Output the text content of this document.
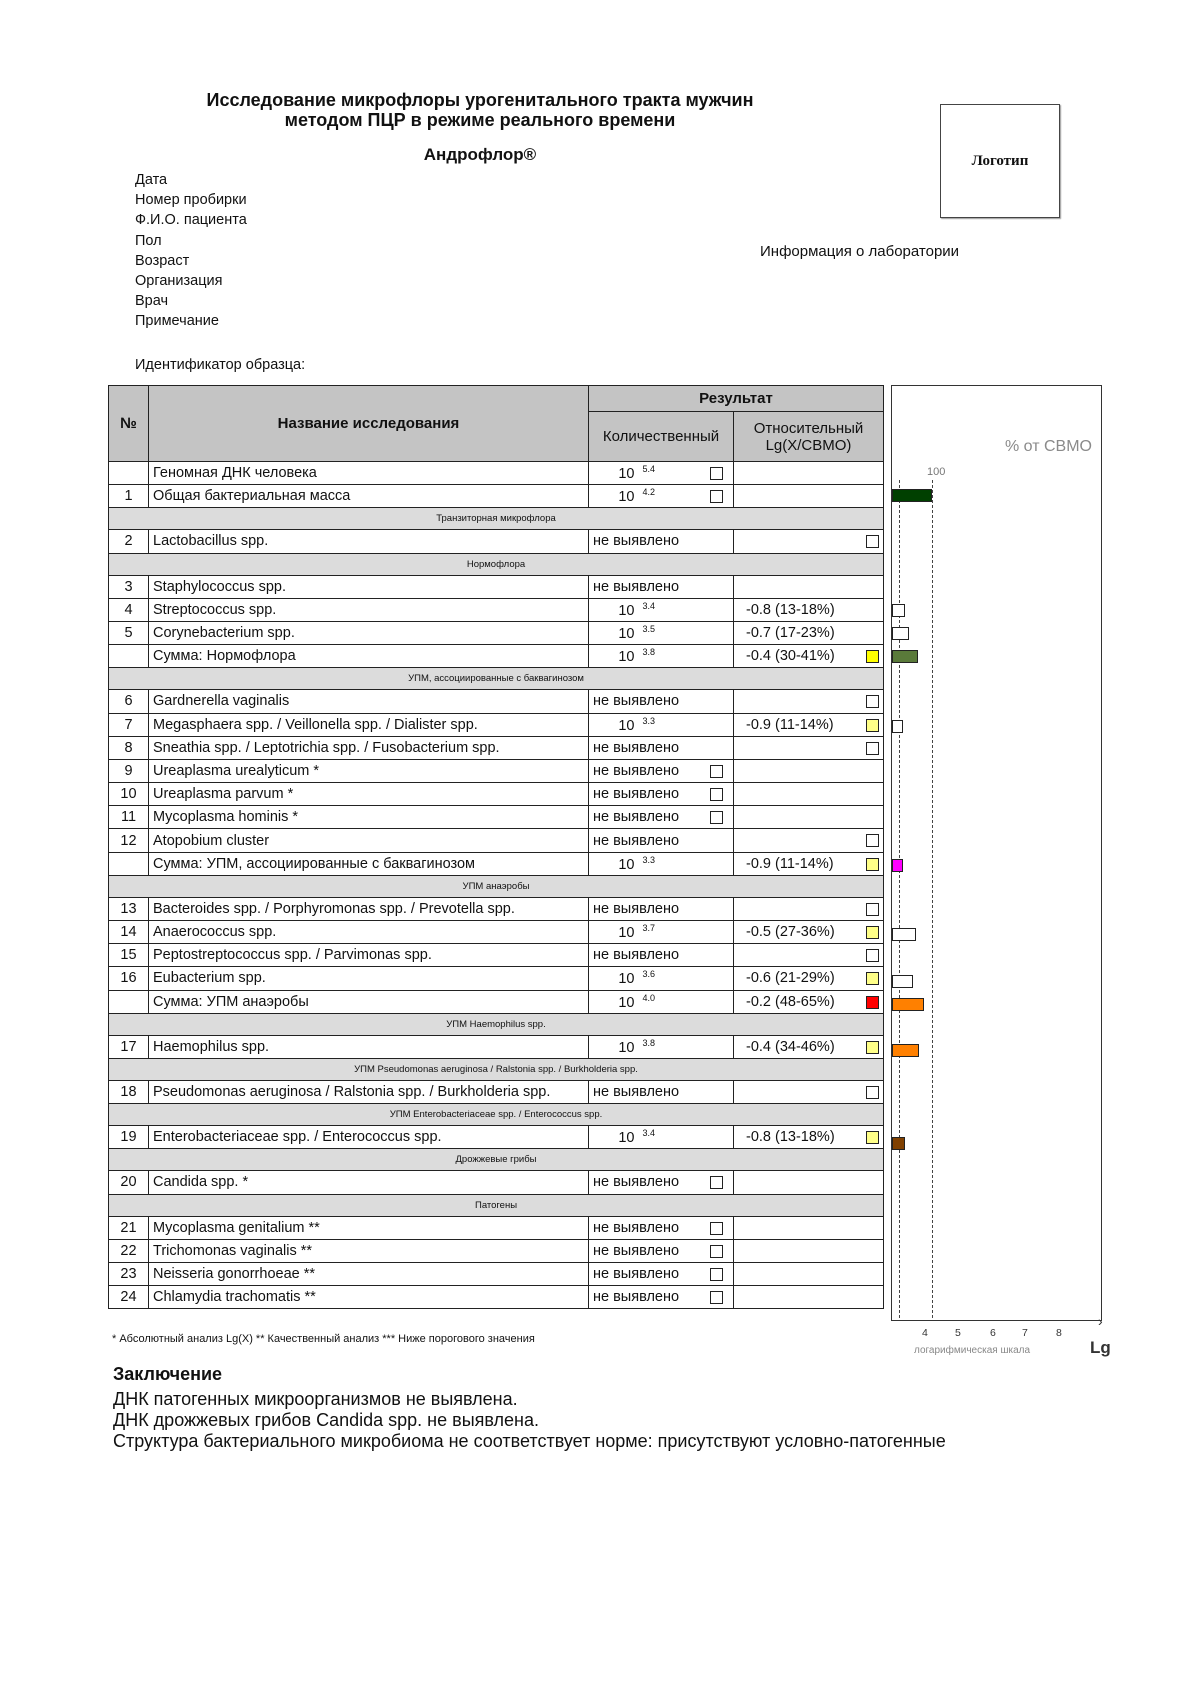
Исследование микрофлоры урогенитального тракта мужчин
методом ПЦР в режиме реального времени
Андрофлор®	Логотип
Информация о лаборатории
Дата
Номер пробирки
Ф.И.О. пациента
Пол
Возраст
Организация
Врач
Примечание
Идентификатор образца:
№	Название исследования	Результат	
		Количественный	Относительный
Lg(X/СВМО)

	Геномная ДНК человека	10 $^{5.4}$

1	Общая бактериальная масса	10 $^{4.2}$

Транзиторная микрофлора			
2	Lactobacillus spp.	не выявлено	

Нормофлора			
3	Staphylococcus spp.	не выявлено	
4	Streptococcus spp.	10 $^{3.4}$	-0.8 (13-18%)
5	Corynebacterium spp.	10 $^{3.5}$	-0.7 (17-23%)
	Сумма: Нормофлора	10 $^{3.8}$	-0.4 (30-41%)

УПМ, ассоциированные с баквагинозом			
6	Gardnerella vaginalis	не выявлено	

7	Megasphaera spp. / Veillonella spp. / Dialister spp.	10 $^{3.3}$	-0.9 (11-14%)

8	Sneathia spp. / Leptotrichia spp. / Fusobacterium spp.	не выявлено	

9	Ureaplasma urealyticum *	не выявлено

10	Ureaplasma parvum *	не выявлено

11	Mycoplasma hominis *	не выявлено

12	Atopobium cluster	не выявлено	

	Сумма: УПМ, ассоциированные с баквагинозом	10 $^{3.3}$	-0.9 (11-14%)

УПМ анаэробы			
13	Bacteroides spp. / Porphyromonas spp. / Prevotella spp.	не выявлено	

14	Anaerococcus spp.	10 $^{3.7}$	-0.5 (27-36%)

15	Peptostreptococcus spp. / Parvimonas spp.	не выявлено	

16	Eubacterium spp.	10 $^{3.6}$	-0.6 (21-29%)

	Сумма: УПМ анаэробы	10 $^{4.0}$	-0.2 (48-65%)

УПМ Haemophilus spp.			
17	Haemophilus spp.	10 $^{3.8}$	-0.4 (34-46%)

УПМ Pseudomonas aeruginosa / Ralstonia spp. / Burkholderia spp.			
18	Pseudomonas aeruginosa / Ralstonia spp. / Burkholderia spp.	не выявлено	

УПМ Enterobacteriaceae spp. / Enterococcus spp.			
19	Enterobacteriaceae spp. / Enterococcus spp.	10 $^{3.4}$	-0.8 (13-18%)

Дрожжевые грибы			
20	Candida spp. *	не выявлено

Патогены			
21	Mycoplasma genitalium **	не выявлено

22	Trichomonas vaginalis **	не выявлено

23	Neisseria gonorrhoeae **	не выявлено

24	Chlamydia trachomatis **	не выявлено

% от СВМО
100
›
4	5	6 7	8
логарифмическая шкала	Lg
* Абсолютный анализ Lg(X) ** Качественный анализ *** Ниже порогового значения
Заключение
ДНК патогенных микроорганизмов не выявлена.
ДНК дрожжевых грибов Candida spp. не выявлена.
Структура бактериального микробиома не соответствует норме: присутствуют условно-патогенные
